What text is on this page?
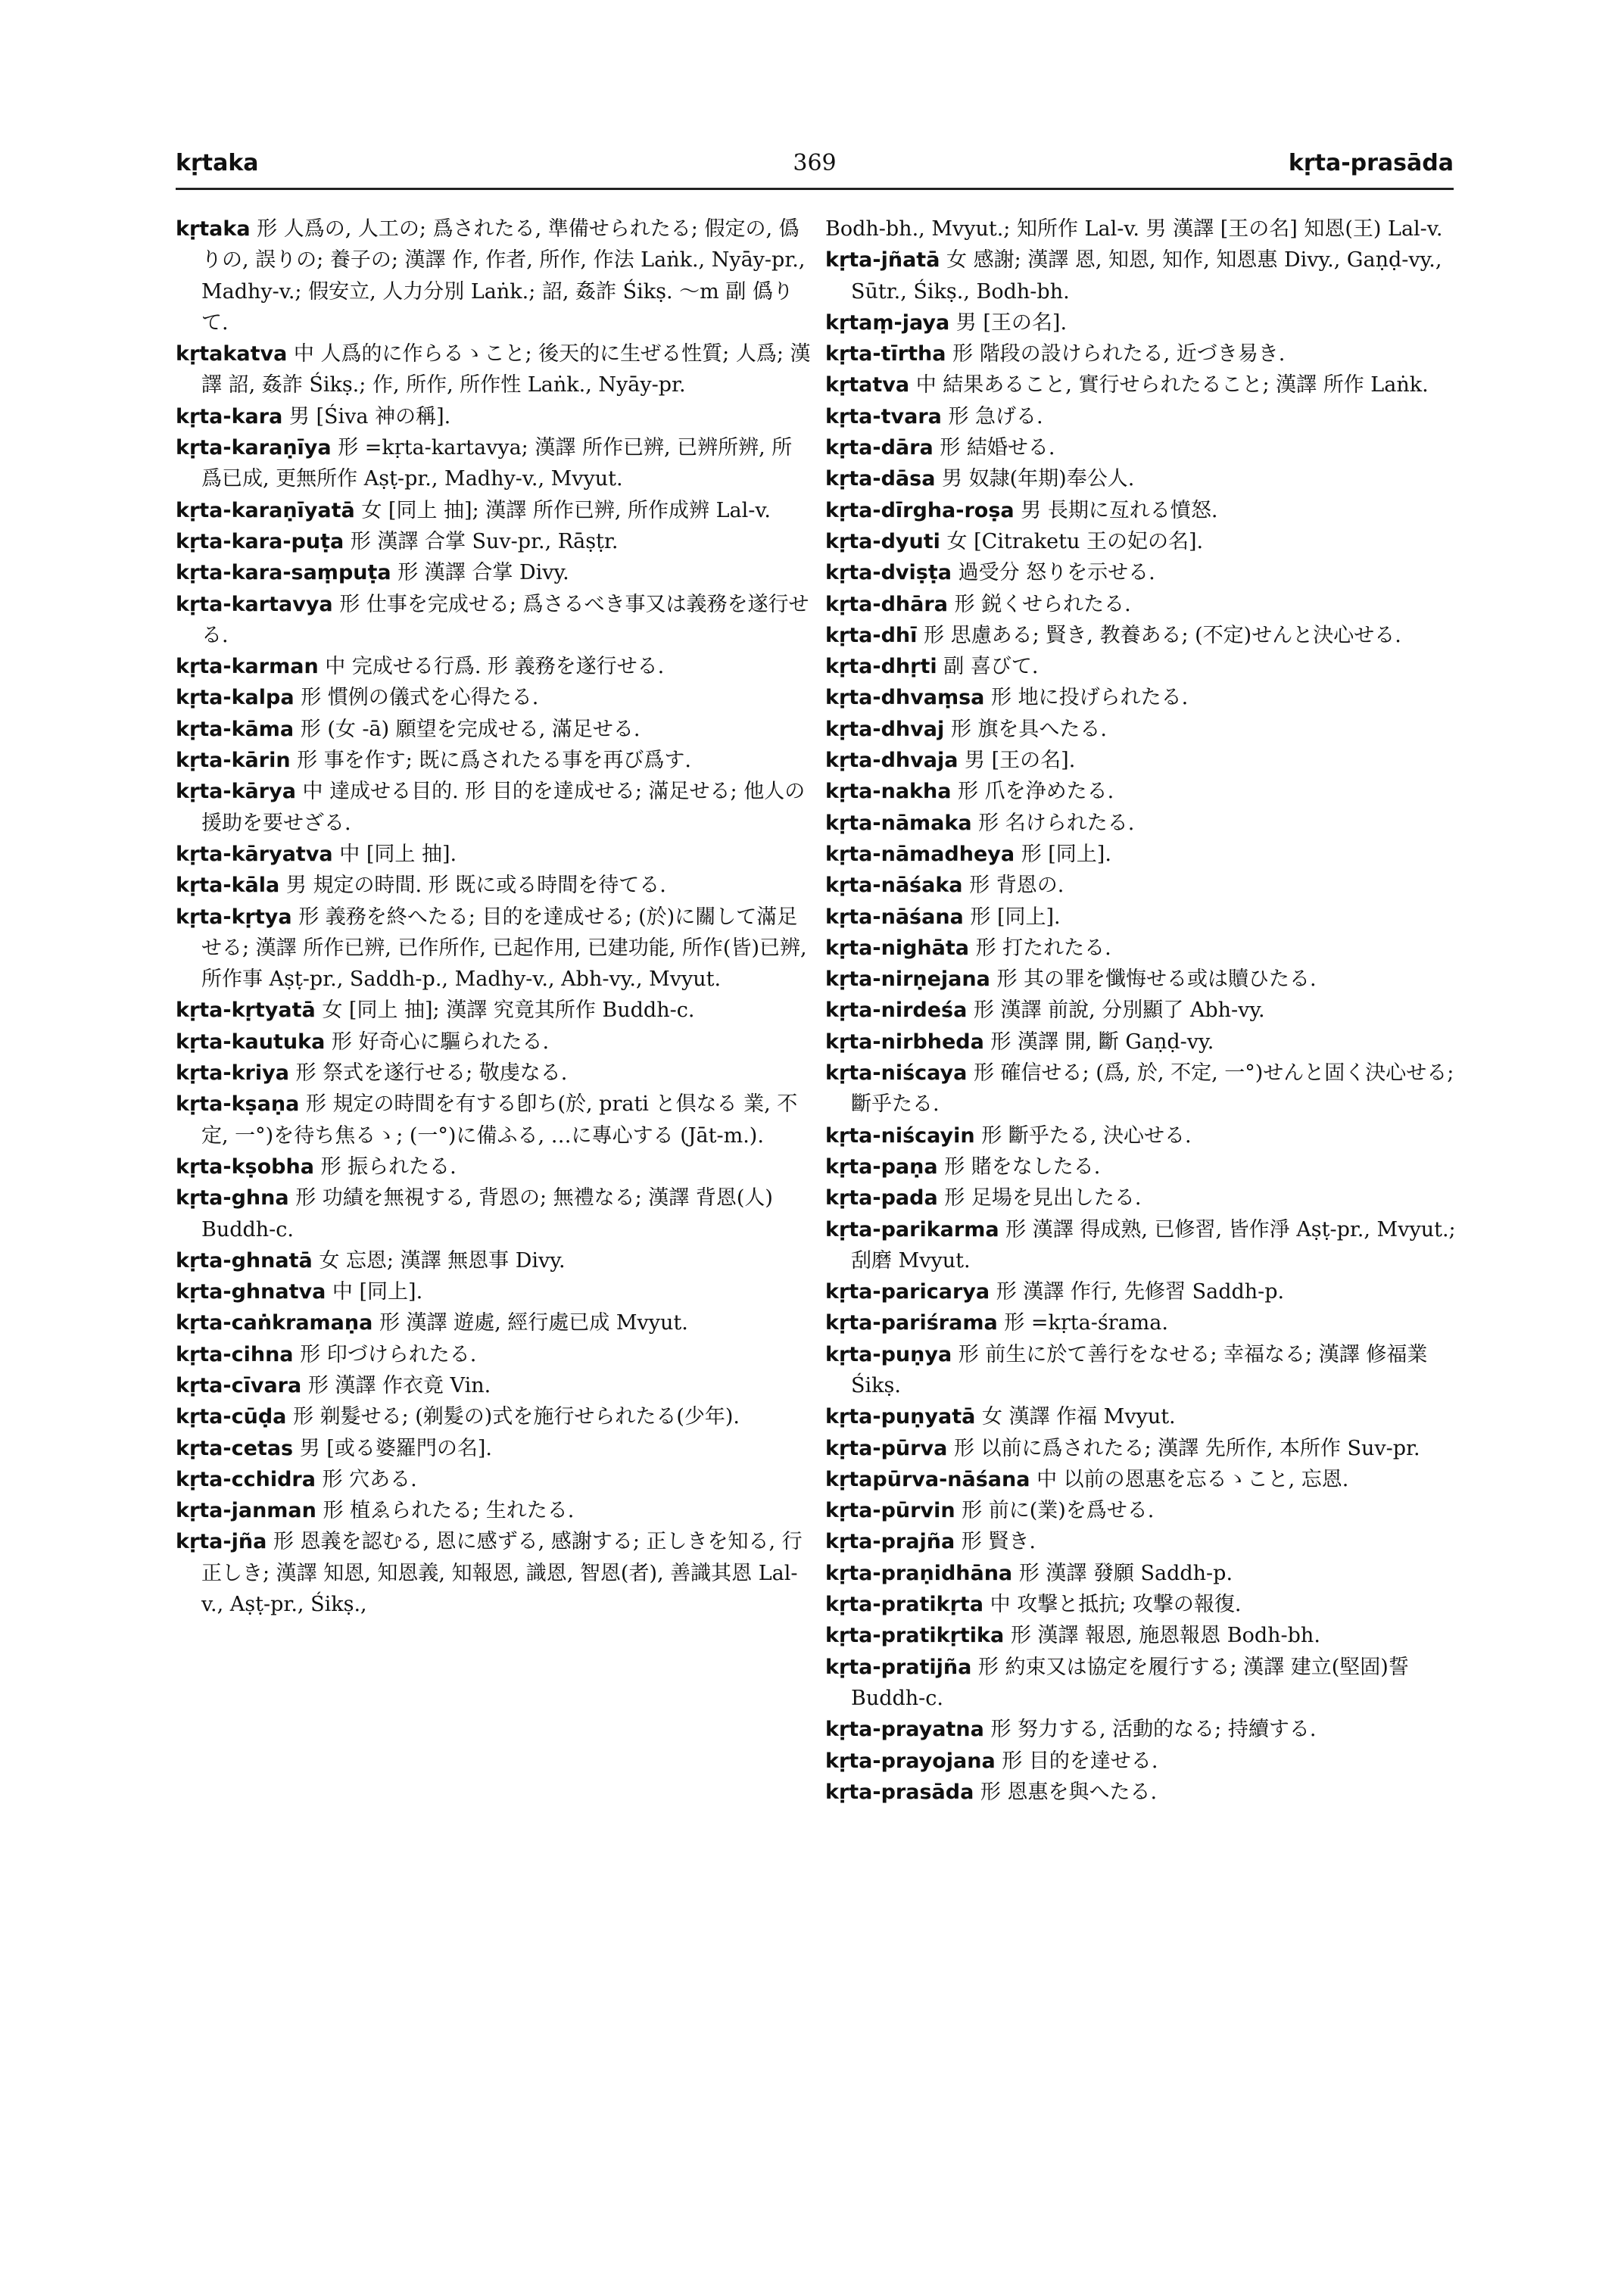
kṛtaka	369	kṛta-prasāda
kṛtaka 形 人爲の, 人工の; 爲されたる, 準備せられたる; 假定の, 僞りの, 誤りの; 養子の; 漢譯 作, 作者, 所作, 作法 Laṅk., Nyāy-pr., Madhy-v.; 假安立, 人力分別 Laṅk.; 詔, 姦詐 Śikṣ. ～m 副 僞りて.
kṛtakatva 中 人爲的に作らるゝこと; 後天的に生ぜる性質; 人爲; 漢譯 詔, 姦詐 Śikṣ.; 作, 所作, 所作性 Laṅk., Nyāy-pr.
kṛta-kara 男 [Śiva 神の稱].
kṛta-karaṇīya 形 =kṛta-kartavya; 漢譯 所作已辨, 已辨所辨, 所爲已成, 更無所作 Aṣṭ-pr., Madhy-v., Mvyut.
kṛta-karaṇīyatā 女 [同上 抽]; 漢譯 所作已辨, 所作成辨 Lal-v.
kṛta-kara-puṭa 形 漢譯 合掌 Suv-pr., Rāṣṭr.
kṛta-kara-saṃpuṭa 形 漢譯 合掌 Divy.
kṛta-kartavya 形 仕事を完成せる; 爲さるべき事又は義務を遂行せる.
kṛta-karman 中 完成せる行爲. 形 義務を遂行せる.
kṛta-kalpa 形 慣例の儀式を心得たる.
kṛta-kāma 形 (女 -ā) 願望を完成せる, 滿足せる.
kṛta-kārin 形 事を作す; 既に爲されたる事を再び爲す.
kṛta-kārya 中 達成せる目的. 形 目的を達成せる; 滿足せる; 他人の援助を要せざる.
kṛta-kāryatva 中 [同上 抽].
kṛta-kāla 男 規定の時間. 形 既に或る時間を待てる.
kṛta-kṛtya 形 義務を終へたる; 目的を達成せる; (於)に關して滿足せる; 漢譯 所作已辨, 已作所作, 已起作用, 已建功能, 所作(皆)已辨, 所作事 Aṣṭ-pr., Saddh-p., Madhy-v., Abh-vy., Mvyut.
kṛta-kṛtyatā 女 [同上 抽]; 漢譯 究竟其所作 Buddh-c.
kṛta-kautuka 形 好奇心に驅られたる.
kṛta-kriya 形 祭式を遂行せる; 敬虔なる.
kṛta-kṣaṇa 形 規定の時間を有する卽ち(於, prati と倶なる 業, 不定, 一°)を待ち焦るゝ; (一°)に備ふる, …に專心する (Jāt-m.).
kṛta-kṣobha 形 振られたる.
kṛta-ghna 形 功績を無視する, 背恩の; 無禮なる; 漢譯 背恩(人) Buddh-c.
kṛta-ghnatā 女 忘恩; 漢譯 無恩事 Divy.
kṛta-ghnatva 中 [同上].
kṛta-caṅkramaṇa 形 漢譯 遊處, 經行處已成 Mvyut.
kṛta-cihna 形 印づけられたる.
kṛta-cīvara 形 漢譯 作衣竟 Vin.
kṛta-cūḍa 形 剃髮せる; (剃髮の)式を施行せられたる(少年).
kṛta-cetas 男 [或る婆羅門の名].
kṛta-cchidra 形 穴ある.
kṛta-janman 形 植ゑられたる; 生れたる.
kṛta-jña 形 恩義を認むる, 恩に感ずる, 感謝する; 正しきを知る, 行正しき; 漢譯 知恩, 知恩義, 知報恩, 識恩, 智恩(者), 善識其恩 Lal-v., Aṣṭ-pr., Śikṣ.,
Bodh-bh., Mvyut.; 知所作 Lal-v. 男 漢譯 [王の名] 知恩(王) Lal-v.
kṛta-jñatā 女 感謝; 漢譯 恩, 知恩, 知作, 知恩惠 Divy., Gaṇḍ-vy., Sūtr., Śikṣ., Bodh-bh.
kṛtaṃ-jaya 男 [王の名].
kṛta-tīrtha 形 階段の設けられたる, 近づき易き.
kṛtatva 中 結果あること, 實行せられたること; 漢譯 所作 Laṅk.
kṛta-tvara 形 急げる.
kṛta-dāra 形 結婚せる.
kṛta-dāsa 男 奴隷(年期)奉公人.
kṛta-dīrgha-roṣa 男 長期に亙れる憤怒.
kṛta-dyuti 女 [Citraketu 王の妃の名].
kṛta-dviṣṭa 過受分 怒りを示せる.
kṛta-dhāra 形 鋭くせられたる.
kṛta-dhī 形 思慮ある; 賢き, 教養ある; (不定)せんと決心せる.
kṛta-dhṛti 副 喜びて.
kṛta-dhvaṃsa 形 地に投げられたる.
kṛta-dhvaj 形 旗を具へたる.
kṛta-dhvaja 男 [王の名].
kṛta-nakha 形 爪を浄めたる.
kṛta-nāmaka 形 名けられたる.
kṛta-nāmadheya 形 [同上].
kṛta-nāśaka 形 背恩の.
kṛta-nāśana 形 [同上].
kṛta-nighāta 形 打たれたる.
kṛta-nirṇejana 形 其の罪を懺悔せる或は贖ひたる.
kṛta-nirdeśa 形 漢譯 前說, 分別顯了 Abh-vy.
kṛta-nirbheda 形 漢譯 開, 斷 Gaṇḍ-vy.
kṛta-niścaya 形 確信せる; (爲, 於, 不定, 一°)せんと固く決心せる; 斷乎たる.
kṛta-niścayin 形 斷乎たる, 決心せる.
kṛta-paṇa 形 賭をなしたる.
kṛta-pada 形 足場を見出したる.
kṛta-parikarma 形 漢譯 得成熟, 已修習, 皆作淨 Aṣṭ-pr., Mvyut.; 刮磨 Mvyut.
kṛta-paricarya 形 漢譯 作行, 先修習 Saddh-p.
kṛta-pariśrama 形 =kṛta-śrama.
kṛta-puṇya 形 前生に於て善行をなせる; 幸福なる; 漢譯 修福業 Śikṣ.
kṛta-puṇyatā 女 漢譯 作福 Mvyut.
kṛta-pūrva 形 以前に爲されたる; 漢譯 先所作, 本所作 Suv-pr.
kṛtapūrva-nāśana 中 以前の恩惠を忘るゝこと, 忘恩.
kṛta-pūrvin 形 前に(業)を爲せる.
kṛta-prajña 形 賢き.
kṛta-praṇidhāna 形 漢譯 發願 Saddh-p.
kṛta-pratikṛta 中 攻撃と抵抗; 攻撃の報復.
kṛta-pratikṛtika 形 漢譯 報恩, 施恩報恩 Bodh-bh.
kṛta-pratijña 形 約束又は協定を履行する; 漢譯 建立(堅固)誓 Buddh-c.
kṛta-prayatna 形 努力する, 活動的なる; 持續する.
kṛta-prayojana 形 目的を達せる.
kṛta-prasāda 形 恩惠を與へたる.
